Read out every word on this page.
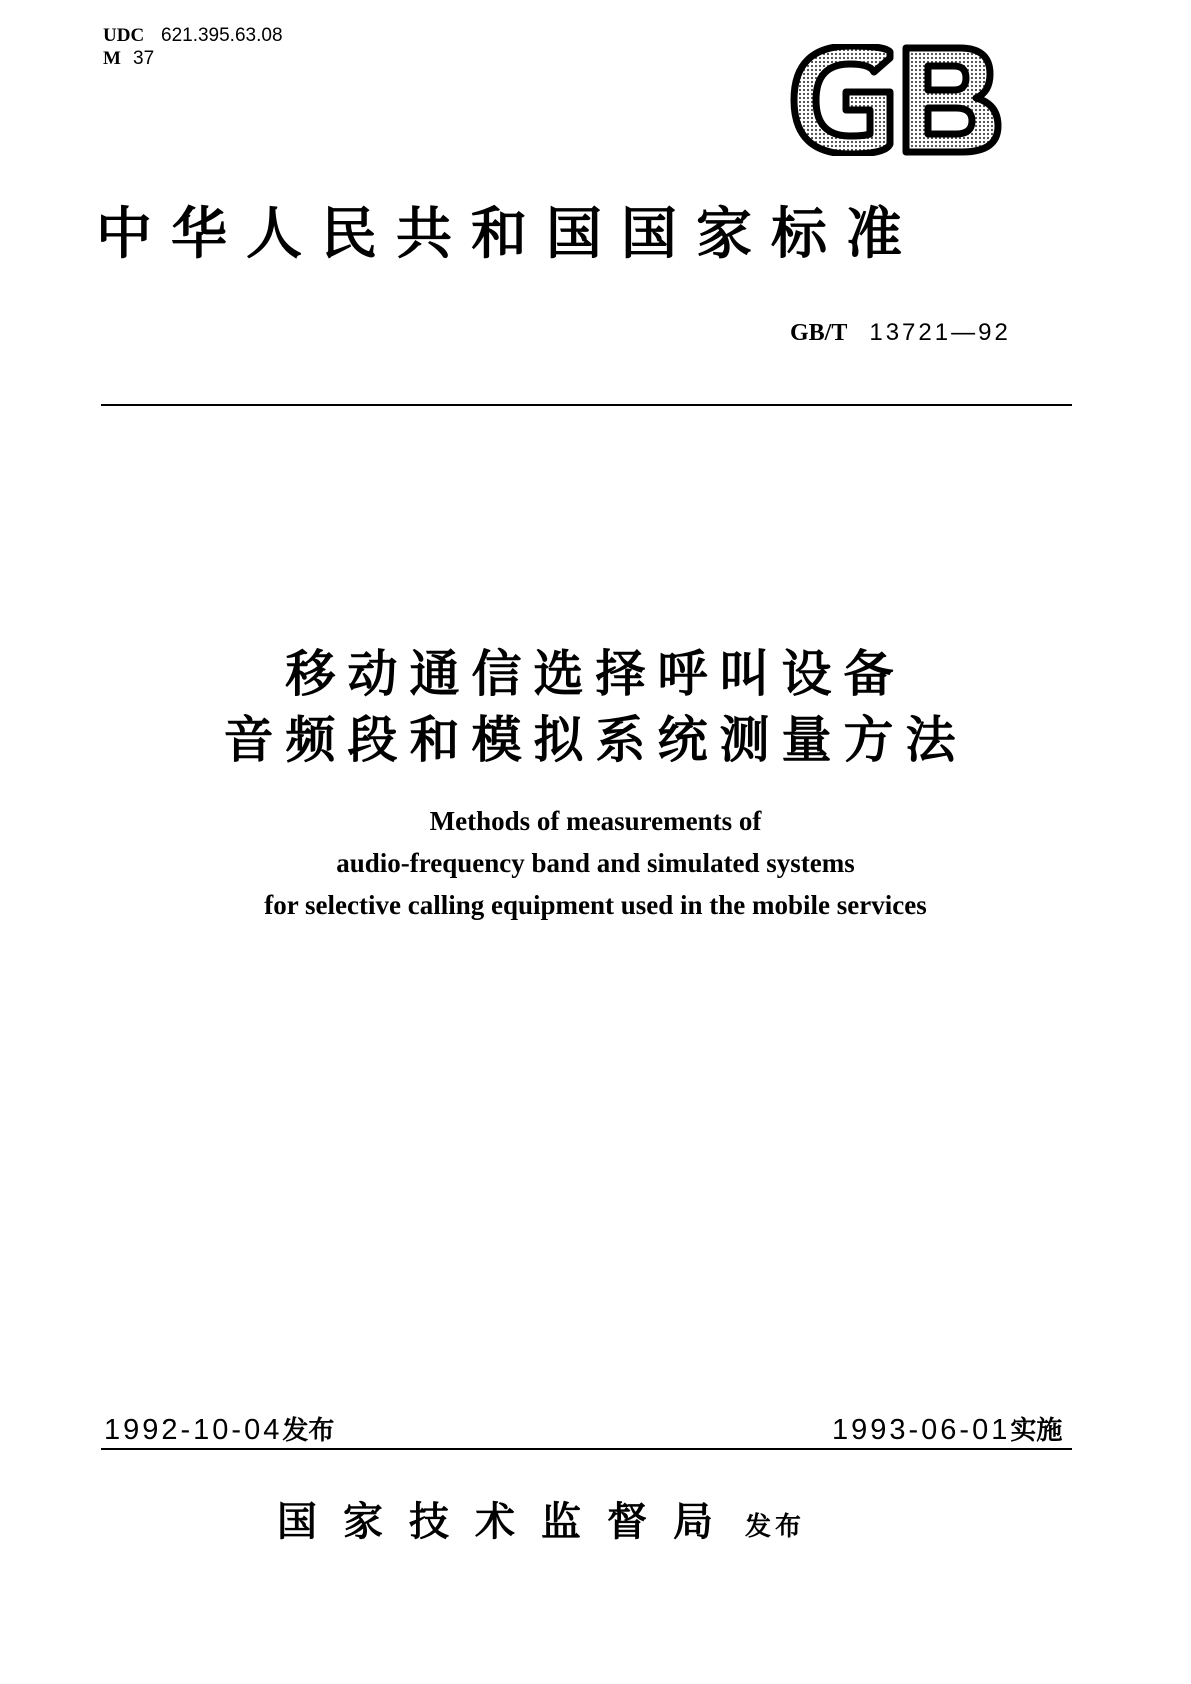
UDC 621.395.63.08
M 37
中华人民共和国国家标准
GB/T 13721—92
移动通信选择呼叫设备
音频段和模拟系统测量方法
Methods of measurements of
audio-frequency band and simulated systems
for selective calling equipment used in the mobile services
1992-10-04发布	1993-06-01实施
国家技术监督局 发布
